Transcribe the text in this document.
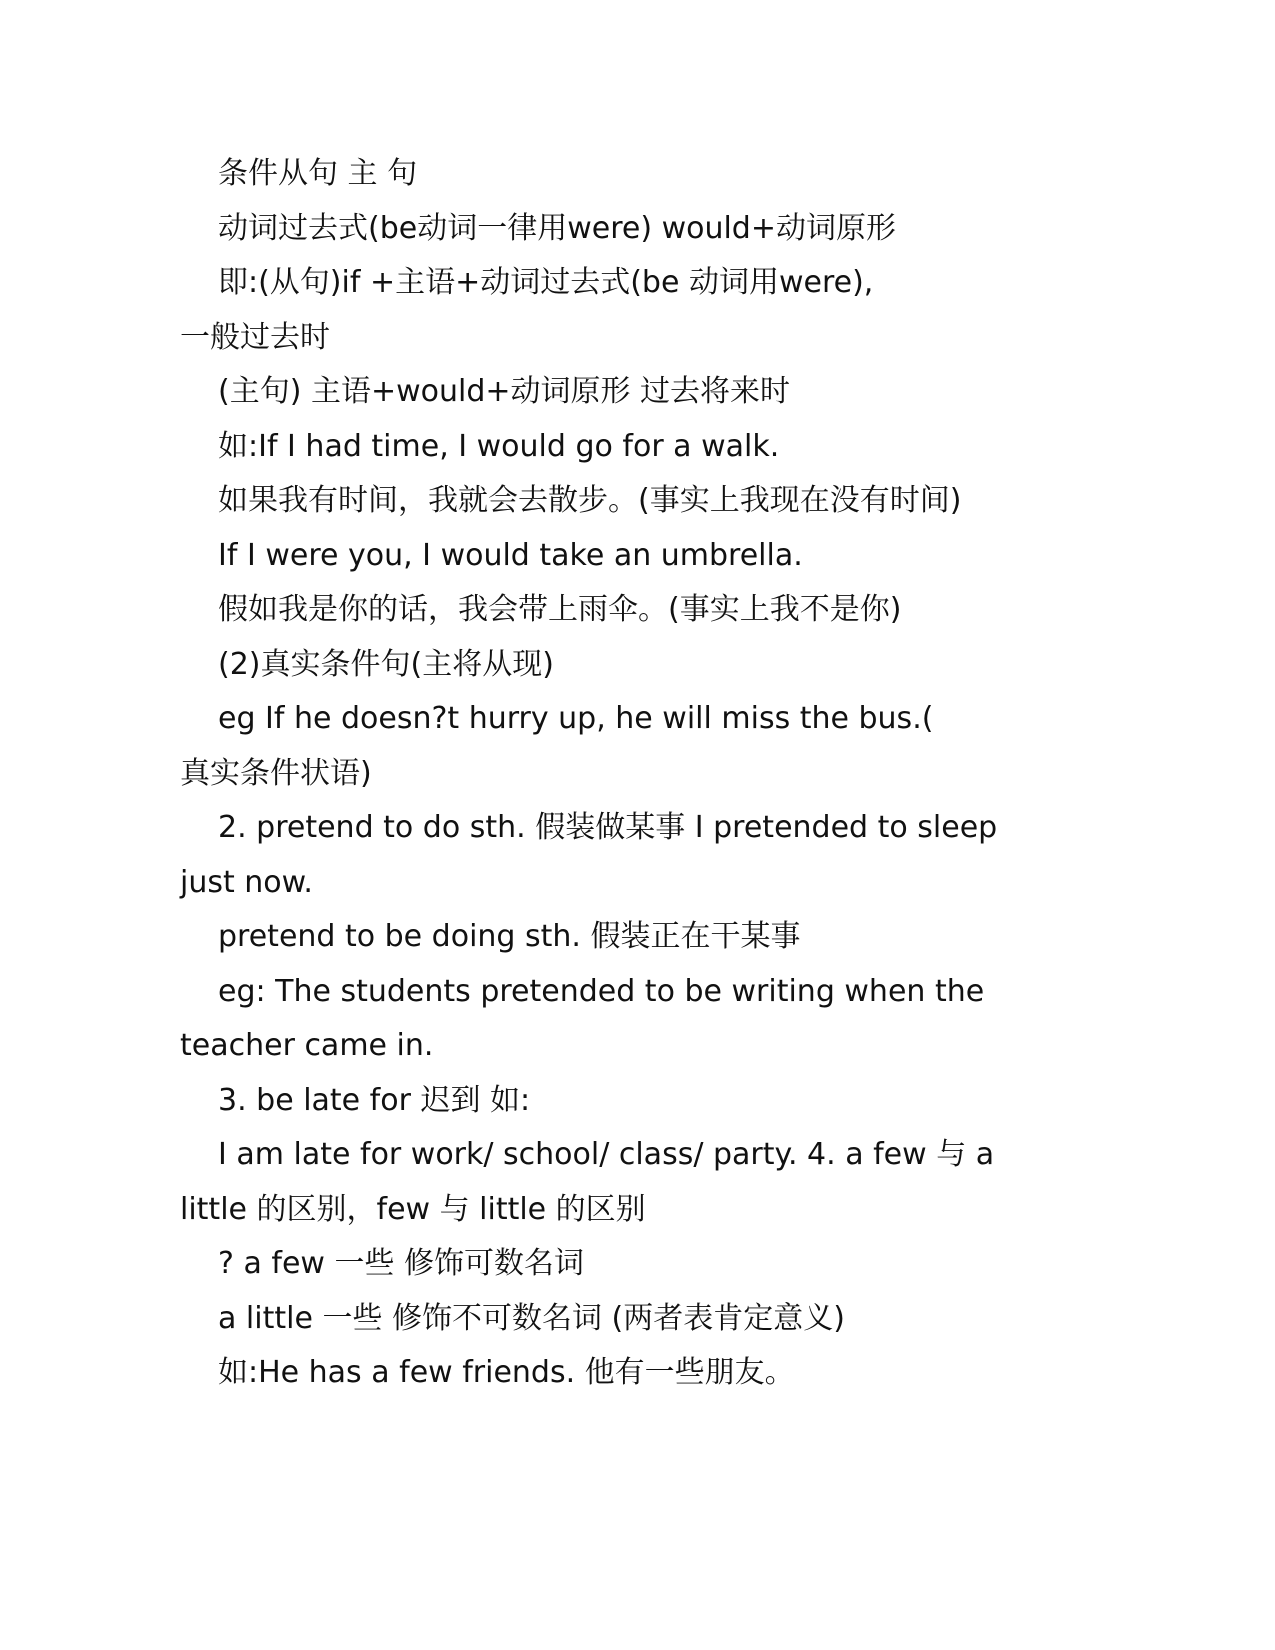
条件从句 主 句
动词过去式(be动词一律用were) would+动词原形
即:(从句)if +主语+动词过去式(be 动词用were),
一般过去时
(主句) 主语+would+动词原形 过去将来时
如:If I had time, I would go for a walk.
如果我有时间，我就会去散步。(事实上我现在没有时间)
If I were you, I would take an umbrella.
假如我是你的话，我会带上雨伞。(事实上我不是你)
(2)真实条件句(主将从现)
eg If he doesn?t hurry up, he will miss the bus.(
真实条件状语)
2. pretend to do sth. 假装做某事 I pretended to sleep
just now.
pretend to be doing sth. 假装正在干某事
eg: The students pretended to be writing when the
teacher came in.
3. be late for 迟到 如:
I am late for work/ school/ class/ party. 4. a few 与 a
little 的区别，few 与 little 的区别
? a few 一些 修饰可数名词
a little 一些 修饰不可数名词 (两者表肯定意义)
如:He has a few friends. 他有一些朋友。
